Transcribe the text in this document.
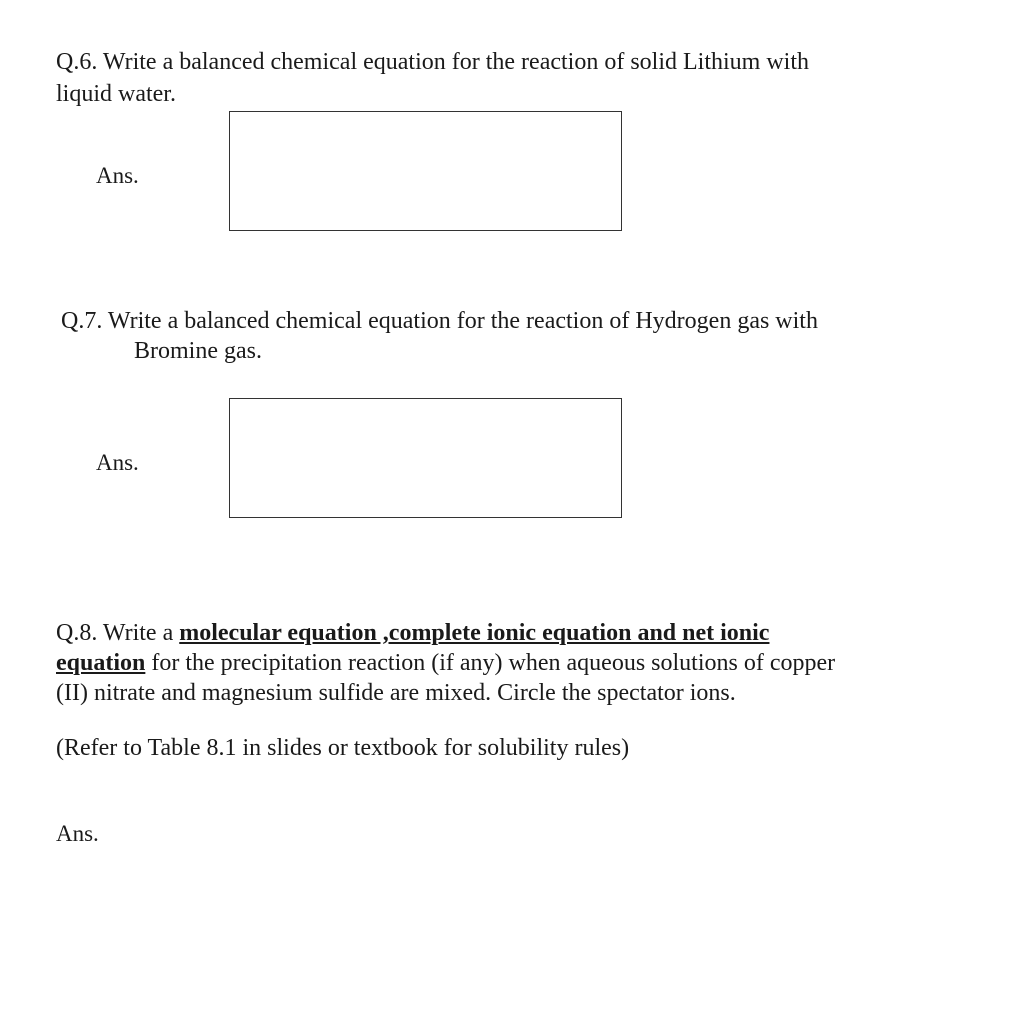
Q.6. Write a balanced chemical equation for the reaction of solid Lithium with

liquid water.

Ans.

Q.7. Write a balanced chemical equation for the reaction of Hydrogen gas with

Bromine gas.

Ans.

Q.8. Write a molecular equation ,complete ionic equation and net ionic

equation for the precipitation reaction (if any) when aqueous solutions of copper

(II) nitrate and magnesium sulfide are mixed. Circle the spectator ions.

(Refer to Table 8.1 in slides or textbook for solubility rules)

Ans.
